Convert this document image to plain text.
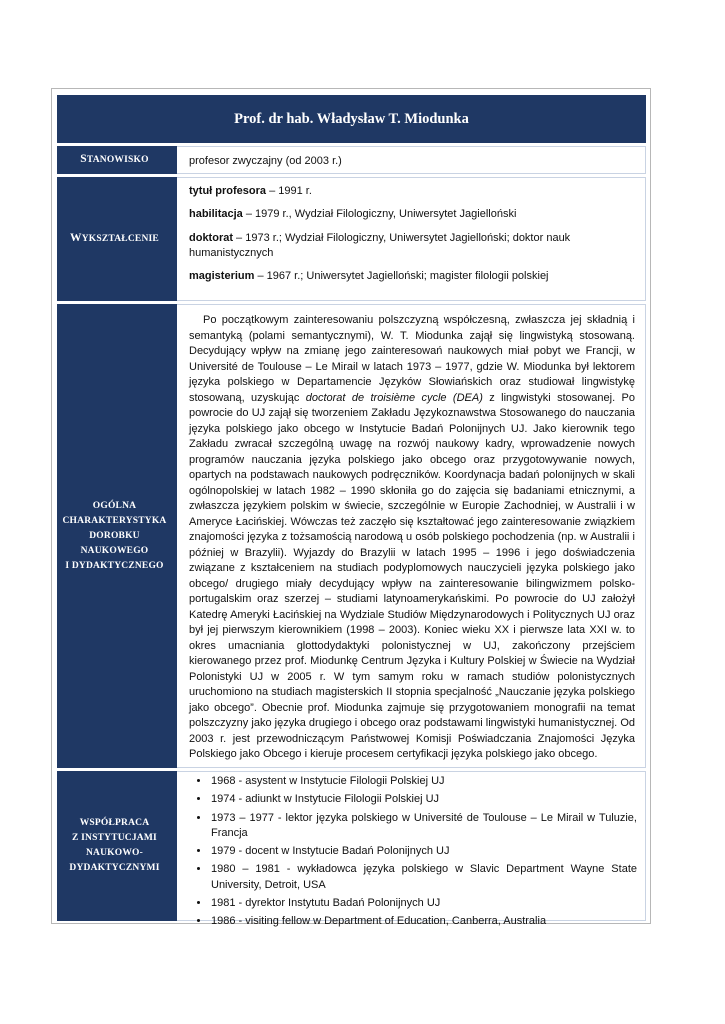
Prof. dr hab. Władysław T. Miodunka
STANOWISKO	profesor zwyczajny (od 2003 r.)
WYKSZTAŁCENIE

tytuł profesora – 1991 r.

habilitacja – 1979 r., Wydział Filologiczny, Uniwersytet Jagielloński

doktorat – 1973 r.; Wydział Filologiczny, Uniwersytet Jagielloński; doktor nauk humanistycznych

magisterium – 1967 r.; Uniwersytet Jagielloński; magister filologii polskiej

OGÓLNA
CHARAKTERYSTYKA
DOROBKU
NAUKOWEGO
I DYDAKTYCZNEGO
Po początkowym zainteresowaniu polszczyzną współczesną, zwłaszcza jej składnią i semantyką (polami semantycznymi), W. T. Miodunka zajął się lingwistyką stosowaną. Decydujący wpływ na zmianę jego zainteresowań naukowych miał pobyt we Francji, w Université de Toulouse – Le Mirail w latach 1973 – 1977, gdzie W. Miodunka był lektorem języka polskiego w Departamencie Języków Słowiańskich oraz studiował lingwistykę stosowaną, uzyskując doctorat de troisième cycle (DEA) z lingwistyki stosowanej. Po powrocie do UJ zajął się tworzeniem Zakładu Językoznawstwa Stosowanego do nauczania języka polskiego jako obcego w Instytucie Badań Polonijnych UJ. Jako kierownik tego Zakładu zwracał szczególną uwagę na rozwój naukowy kadry, wprowadzenie nowych programów nauczania języka polskiego jako obcego oraz przygotowywanie nowych, opartych na podstawach naukowych podręczników. Koordynacja badań polonijnych w skali ogólnopolskiej w latach 1982 – 1990 skłoniła go do zajęcia się badaniami etnicznymi, a zwłaszcza językiem polskim w świecie, szczególnie w Europie Zachodniej, w Australii i w Ameryce Łacińskiej. Wówczas też zaczęło się kształtować jego zainteresowanie związkiem znajomości języka z tożsamością narodową u osób polskiego pochodzenia (np. w Australii i później w Brazylii). Wyjazdy do Brazylii w latach 1995 – 1996 i jego doświadczenia związane z kształceniem na studiach podyplomowych nauczycieli języka polskiego jako obcego/ drugiego miały decydujący wpływ na zainteresowanie bilingwizmem polsko-portugalskim oraz szerzej – studiami latynoamerykańskimi. Po powrocie do UJ założył Katedrę Ameryki Łacińskiej na Wydziale Studiów Międzynarodowych i Politycznych UJ oraz był jej pierwszym kierownikiem (1998 – 2003). Koniec wieku XX i pierwsze lata XXI w. to okres umacniania glottodydaktyki polonistycznej w UJ, zakończony przejściem kierowanego przez prof. Miodunkę Centrum Języka i Kultury Polskiej w Świecie na Wydział Polonistyki UJ w 2005 r. W tym samym roku w ramach studiów polonistycznych uruchomiono na studiach magisterskich II stopnia specjalność „Nauczanie języka polskiego jako obcego”. Obecnie prof. Miodunka zajmuje się przygotowaniem monografii na temat polszczyzny jako języka drugiego i obcego oraz podstawami lingwistyki humanistycznej. Od 2003 r. jest przewodniczącym Państwowej Komisji Poświadczania Znajomości Języka Polskiego jako Obcego i kieruje procesem certyfikacji języka polskiego jako obcego.
WSPÓŁPRACA
Z INSTYTUCJAMI
NAUKOWO-
DYDAKTYCZNYMI
• 1968 - asystent w Instytucie Filologii Polskiej UJ
• 1974 - adiunkt w Instytucie Filologii Polskiej UJ
• 1973 – 1977 - lektor języka polskiego w Université de Toulouse – Le Mirail w Tuluzie, Francja
• 1979 - docent w Instytucie Badań Polonijnych UJ
• 1980 – 1981 - wykładowca języka polskiego w Slavic Department Wayne State University, Detroit, USA
• 1981 - dyrektor Instytutu Badań Polonijnych UJ
• 1986 - visiting fellow w Department of Education, Canberra, Australia
